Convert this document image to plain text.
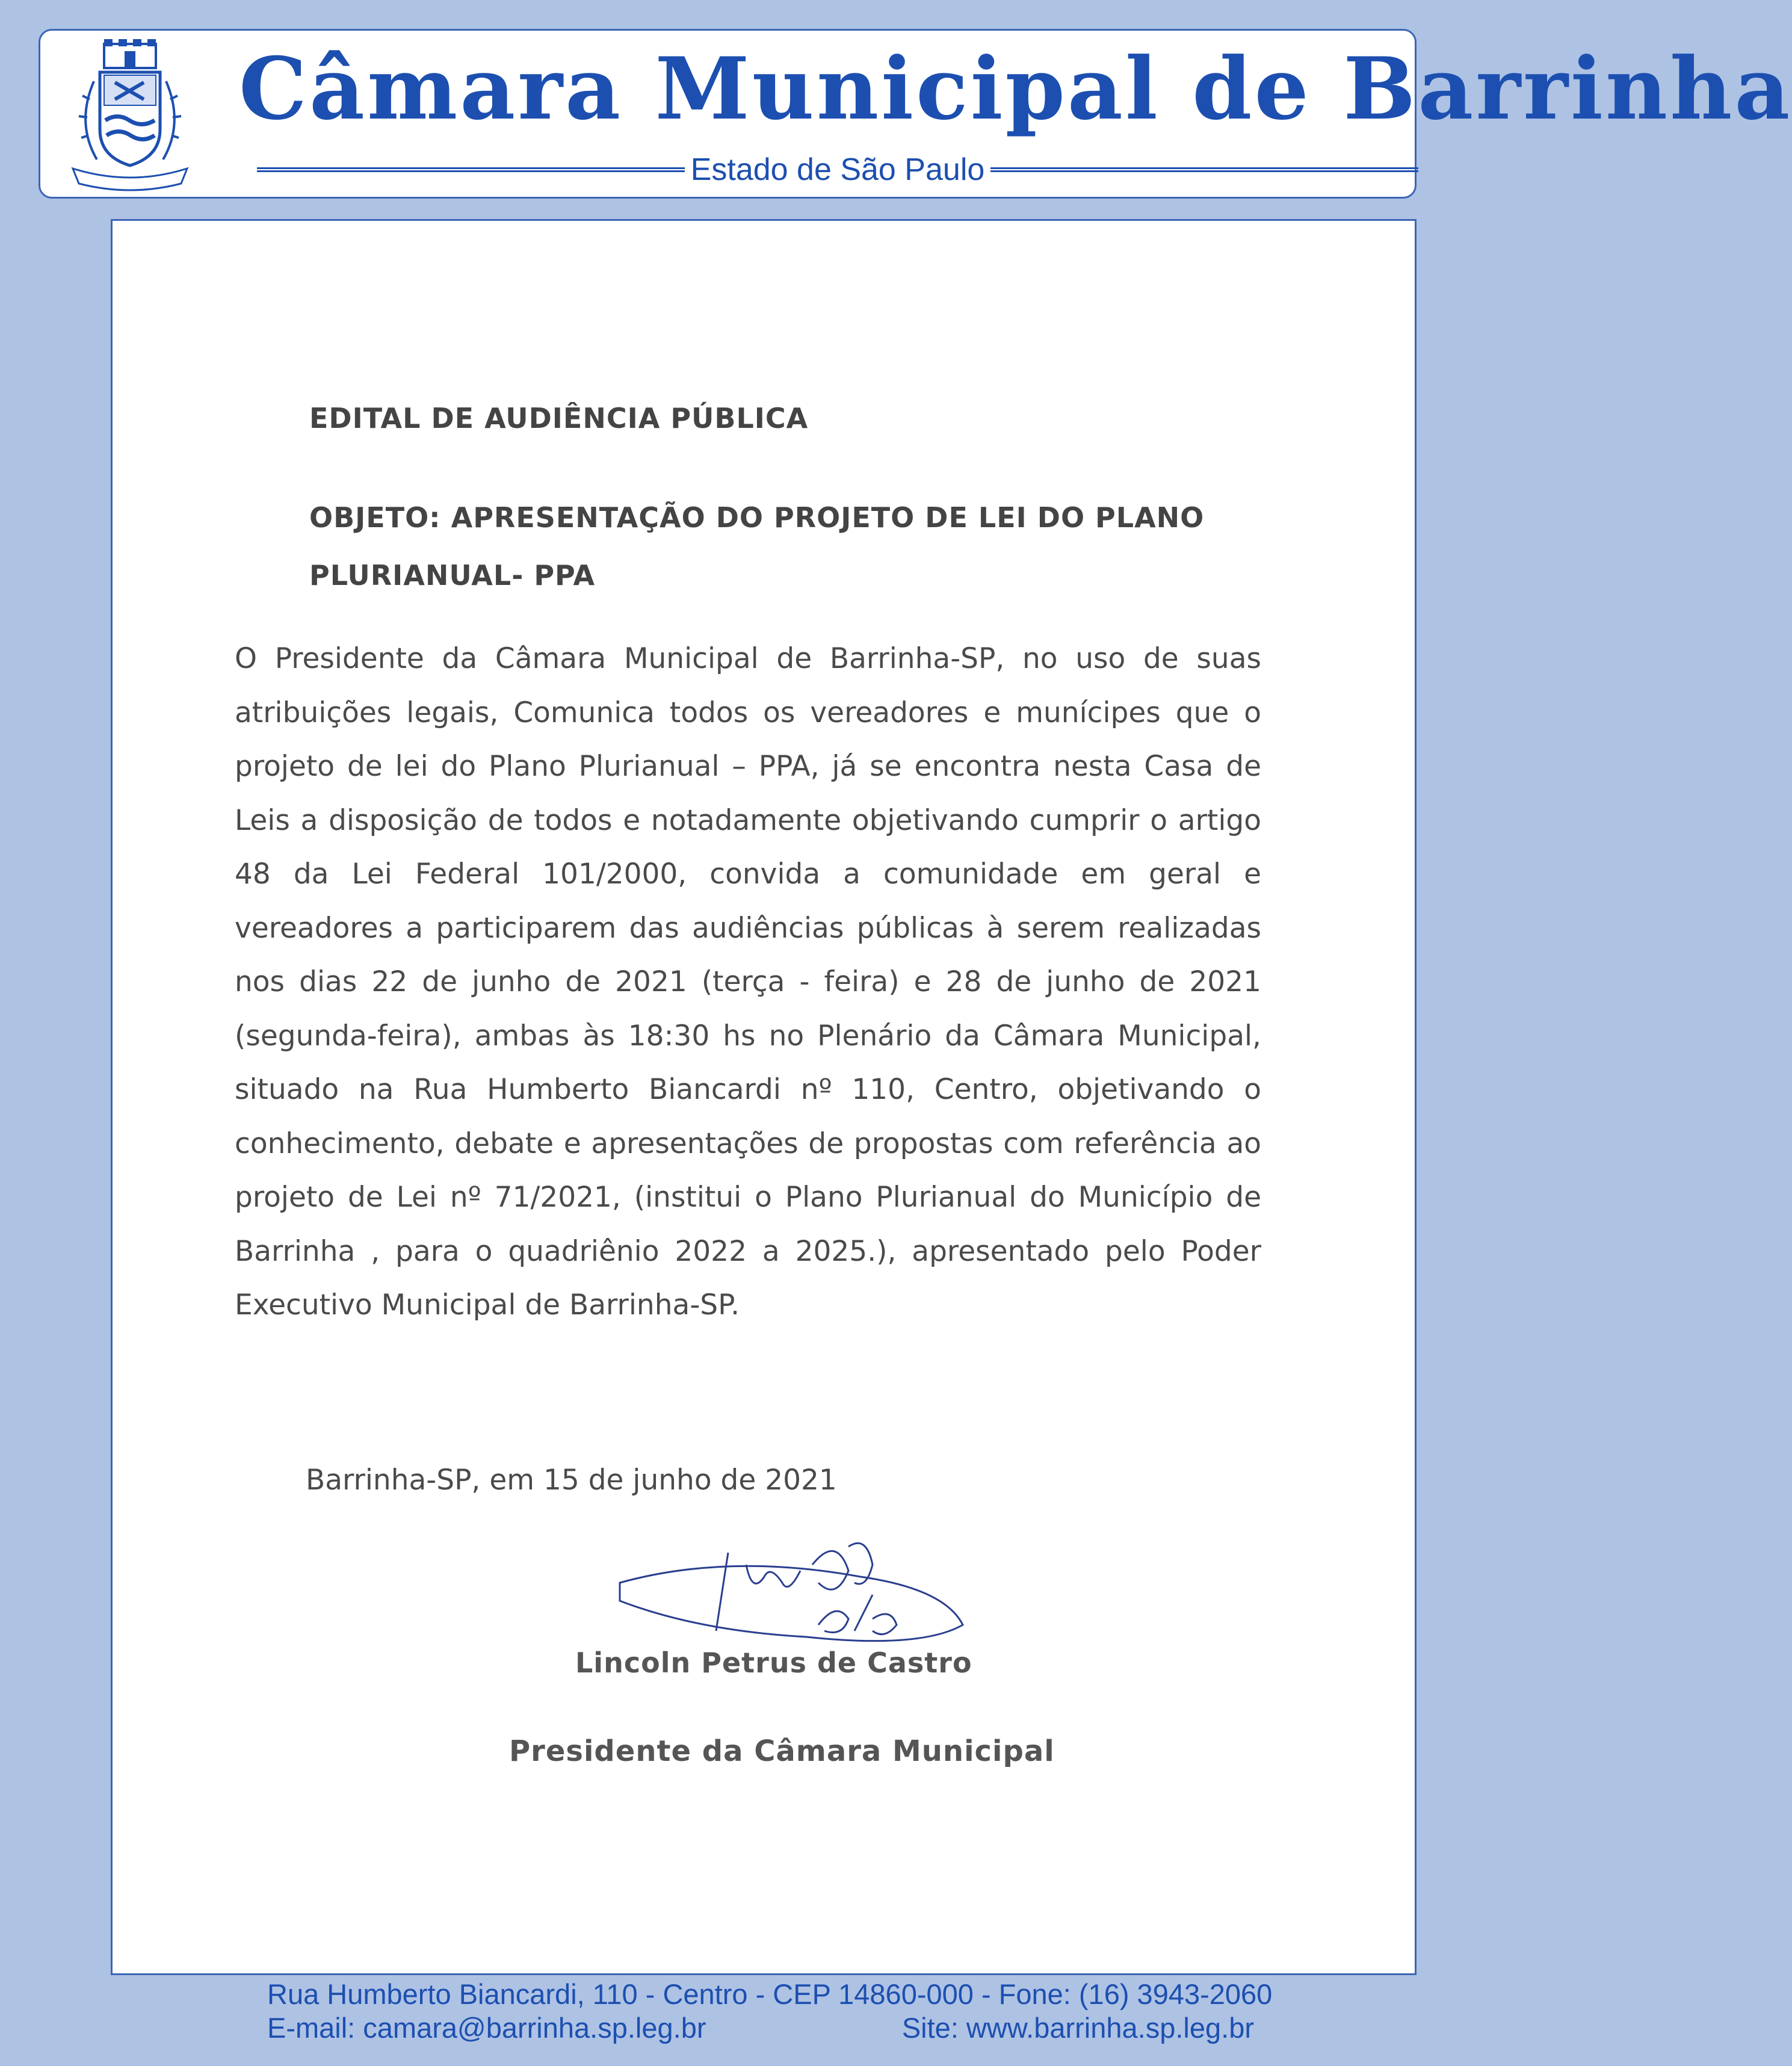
Câmara Municipal de Barrinha
Estado de São Paulo
EDITAL DE AUDIÊNCIA PÚBLICA
OBJETO: APRESENTAÇÃO DO PROJETO DE LEI DO PLANO PLURIANUAL- PPA
O Presidente da Câmara Municipal de Barrinha-SP, no uso de suas atribuições legais, Comunica todos os vereadores e munícipes que o projeto de lei do Plano Plurianual – PPA, já se encontra nesta Casa de Leis a disposição de todos e notadamente objetivando cumprir o artigo 48 da Lei Federal 101/2000, convida a comunidade em geral e vereadores a participarem das audiências públicas à serem realizadas nos dias 22 de junho de 2021 (terça - feira) e 28 de junho de 2021 (segunda-feira), ambas às 18:30 hs no Plenário da Câmara Municipal, situado na Rua Humberto Biancardi nº 110, Centro, objetivando o conhecimento, debate e apresentações de propostas com referência ao projeto de Lei nº 71/2021, (institui o Plano Plurianual do Município de Barrinha , para o quadriênio 2022 a 2025.), apresentado pelo Poder Executivo Municipal de Barrinha-SP.
Barrinha-SP, em 15 de junho de 2021
Lincoln Petrus de Castro
Presidente da Câmara Municipal
Rua Humberto Biancardi, 110 - Centro - CEP 14860-000 - Fone: (16) 3943-2060
E-mail: camara@barrinha.sp.leg.br	Site: www.barrinha.sp.leg.br
